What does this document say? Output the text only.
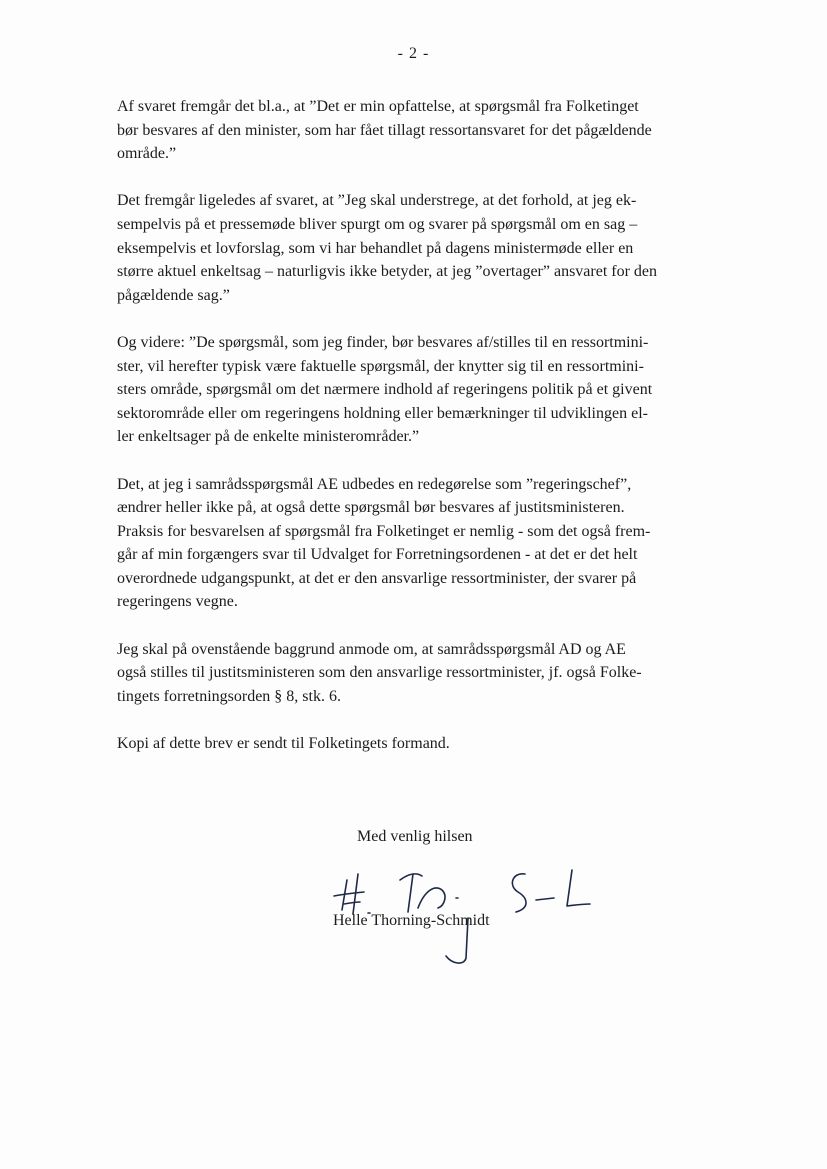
- 2 -

Af svaret fremgår det bl.a., at ”Det er min opfattelse, at spørgsmål fra Folketinget
bør besvares af den minister, som har fået tillagt ressortansvaret for det pågældende
område.”

Det fremgår ligeledes af svaret, at ”Jeg skal understrege, at det forhold, at jeg ek-
sempelvis på et pressemøde bliver spurgt om og svarer på spørgsmål om en sag –
eksempelvis et lovforslag, som vi har behandlet på dagens ministermøde eller en
større aktuel enkeltsag – naturligvis ikke betyder, at jeg ”overtager” ansvaret for den
pågældende sag.”

Og videre: ”De spørgsmål, som jeg finder, bør besvares af/stilles til en ressortmini-
ster, vil herefter typisk være faktuelle spørgsmål, der knytter sig til en ressortmini-
sters område, spørgsmål om det nærmere indhold af regeringens politik på et givent
sektorområde eller om regeringens holdning eller bemærkninger til udviklingen el-
ler enkeltsager på de enkelte ministerområder.”

Det, at jeg i samrådsspørgsmål AE udbedes en redegørelse som ”regeringschef”,
ændrer heller ikke på, at også dette spørgsmål bør besvares af justitsministeren.
Praksis for besvarelsen af spørgsmål fra Folketinget er nemlig - som det også frem-
går af min forgængers svar til Udvalget for Forretningsordenen - at det er det helt
overordnede udgangspunkt, at det er den ansvarlige ressortminister, der svarer på
regeringens vegne.

Jeg skal på ovenstående baggrund anmode om, at samrådsspørgsmål AD og AE
også stilles til justitsministeren som den ansvarlige ressortminister, jf. også Folke-
tingets forretningsorden § 8, stk. 6.

Kopi af dette brev er sendt til Folketingets formand.

Med venlig hilsen
Helle Thorning-Schmidt
